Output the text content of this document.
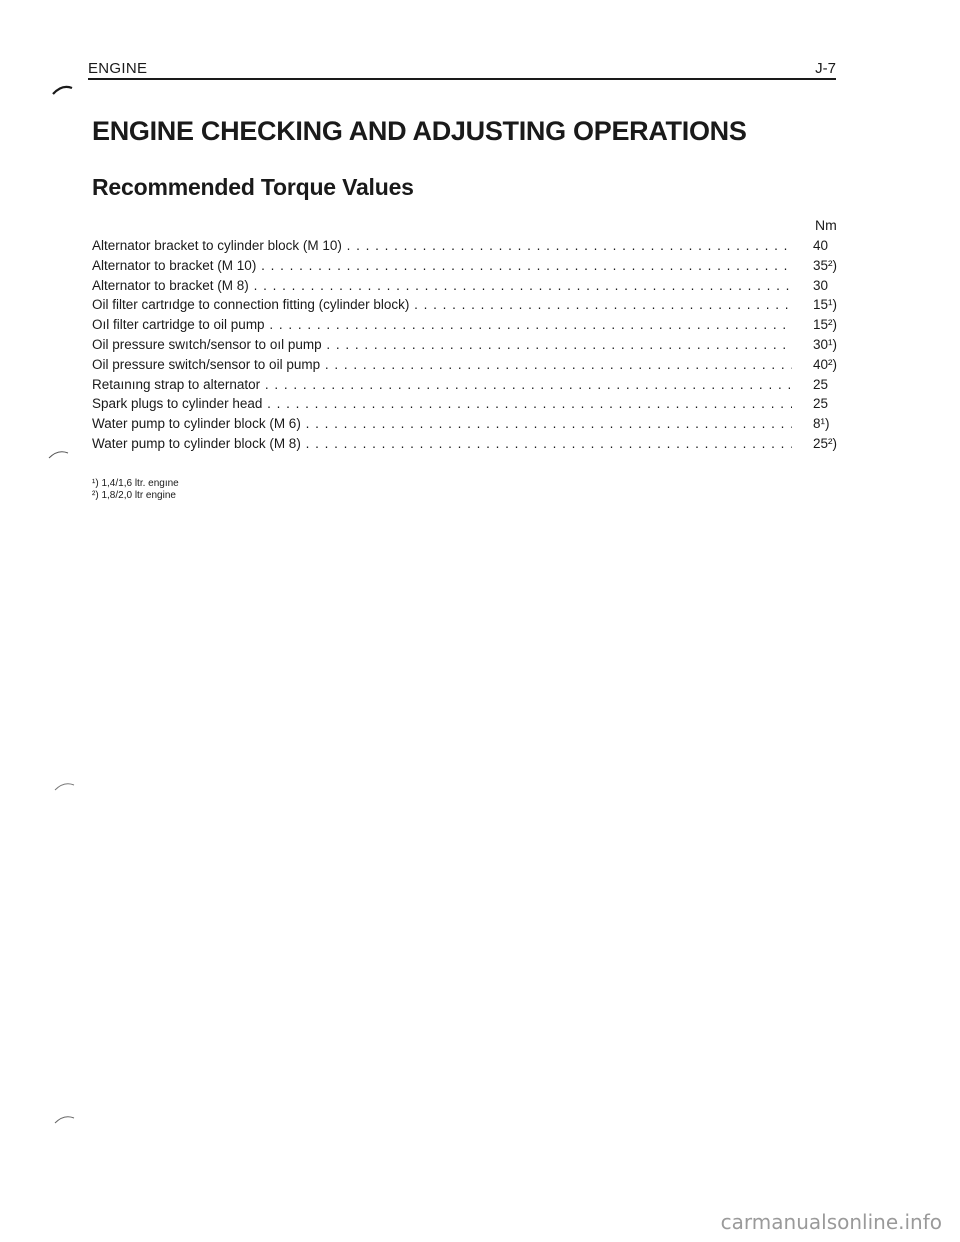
ENGINE	J-7
ENGINE CHECKING AND ADJUSTING OPERATIONS
Recommended Torque Values
Nm
Alternator bracket to cylinder block (M 10) . . .	40
Alternator to bracket (M 10) . . .	35²)
Alternator to bracket (M 8) . . .	30
Oil filter cartrıdge to connection fitting (cylinder block) . . .	15¹)
Oıl filter cartridge to oil pump . . .	15²)
Oil pressure swıtch/sensor to oıl pump . . .	30¹)
Oil pressure switch/sensor to oil pump . . .	40²)
Retaınıng strap to alternator . . .	25
Spark plugs to cylinder head . . .	25
Water pump to cylinder block (M 6) . . .	8¹)
Water pump to cylinder block (M 8) . . .	25²)
¹) 1,4/1,6 ltr. engıne
²) 1,8/2,0 ltr engine
carmanualsonline.info
